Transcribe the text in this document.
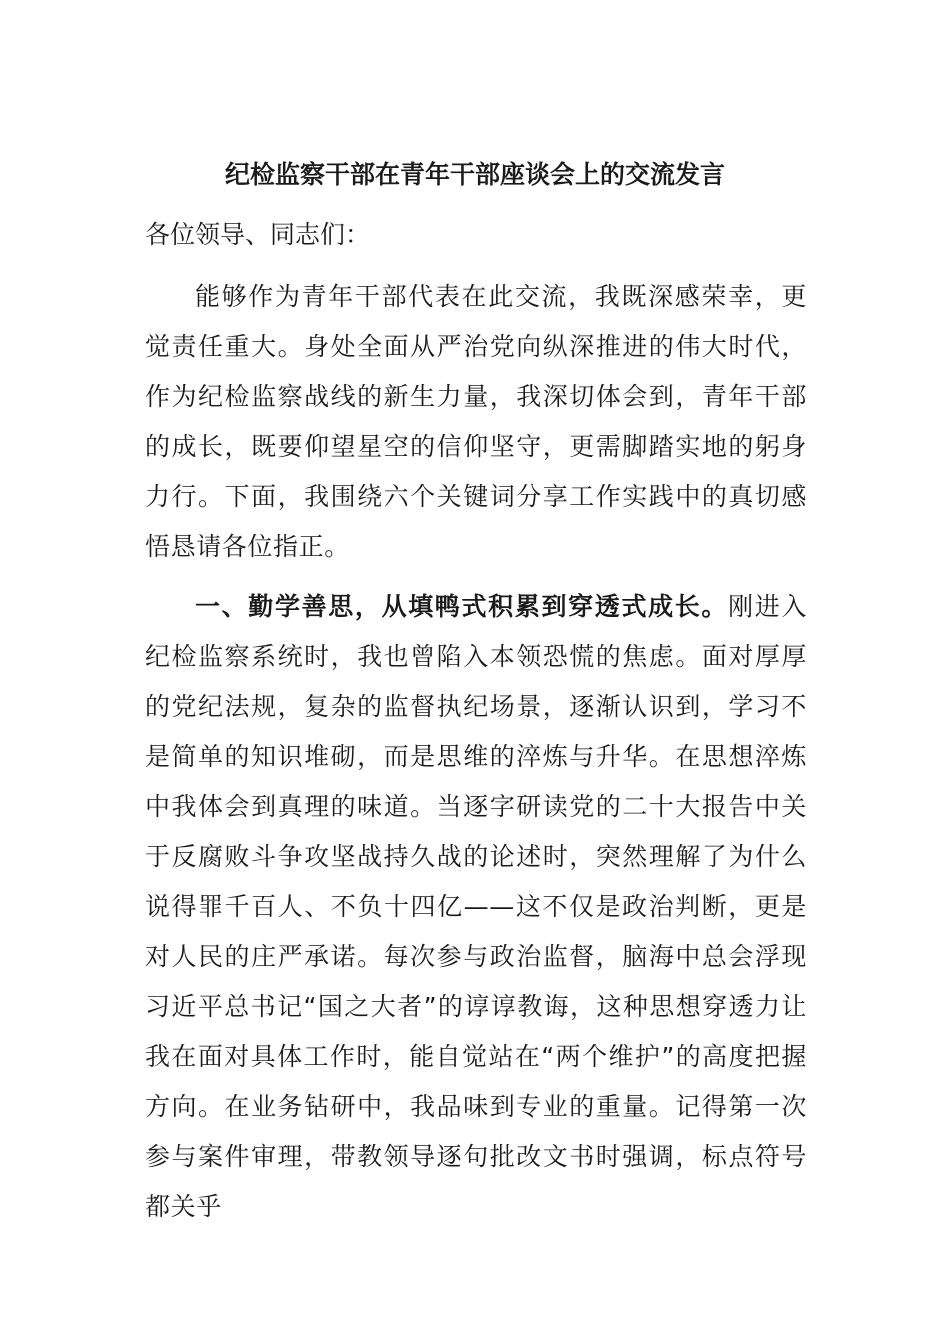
纪检监察干部在青年干部座谈会上的交流发言

各位领导、同志们：

能够作为青年干部代表在此交流，我既深感荣幸，更觉责任重大。身处全面从严治党向纵深推进的伟大时代，作为纪检监察战线的新生力量，我深切体会到，青年干部的成长，既要仰望星空的信仰坚守，更需脚踏实地的躬身力行。下面，我围绕六个关键词分享工作实践中的真切感悟恳请各位指正。

一、勤学善思，从填鸭式积累到穿透式成长。刚进入纪检监察系统时，我也曾陷入本领恐慌的焦虑。面对厚厚的党纪法规，复杂的监督执纪场景，逐渐认识到，学习不是简单的知识堆砌，而是思维的淬炼与升华。在思想淬炼中我体会到真理的味道。当逐字研读党的二十大报告中关于反腐败斗争攻坚战持久战的论述时，突然理解了为什么说得罪千百人、不负十四亿——这不仅是政治判断，更是对人民的庄严承诺。每次参与政治监督，脑海中总会浮现习近平总书记“国之大者”的谆谆教诲，这种思想穿透力让我在面对具体工作时，能自觉站在“两个维护”的高度把握方向。在业务钻研中，我品味到专业的重量。记得第一次参与案件审理，带教领导逐句批改文书时强调，标点符号都关乎
